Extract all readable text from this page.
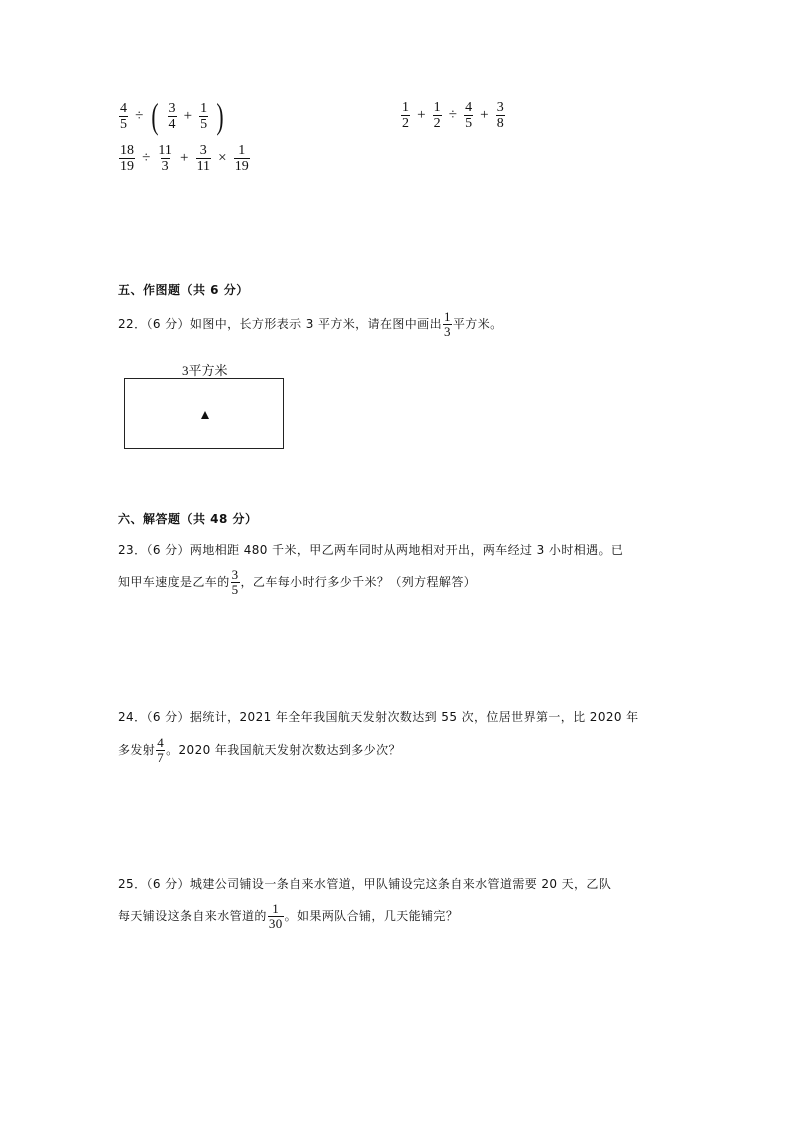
$\frac{4}{5}$ ÷ ( $\frac{3}{4} + \frac{1}{5}$ )	$\frac{1}{2} + \frac{1}{2} \div \frac{4}{5} + \frac{3}{8}$
$\frac{18}{19} \div \frac{11}{3} + \frac{3}{11} \times \frac{1}{19}$
五、作图题（共 6 分）
22．（6 分）如图中，长方形表示 3 平方米，请在图中画出 $\frac{1}{3}$ 平方米。
3平方米
六、解答题（共 48 分）
23．（6 分）两地相距 480 千米，甲乙两车同时从两地相对开出，两车经过 3 小时相遇。已
知甲车速度是乙车的 $\frac{3}{5}$ ，乙车每小时行多少千米？（列方程解答）
24．（6 分）据统计，2021 年全年我国航天发射次数达到 55 次，位居世界第一，比 2020 年
多发射 $\frac{4}{7}$ 。2020 年我国航天发射次数达到多少次？
25．（6 分）城建公司铺设一条自来水管道，甲队铺设完这条自来水管道需要 20 天，乙队
每天铺设这条自来水管道的 $\frac{1}{30}$ 。如果两队合铺，几天能铺完？
